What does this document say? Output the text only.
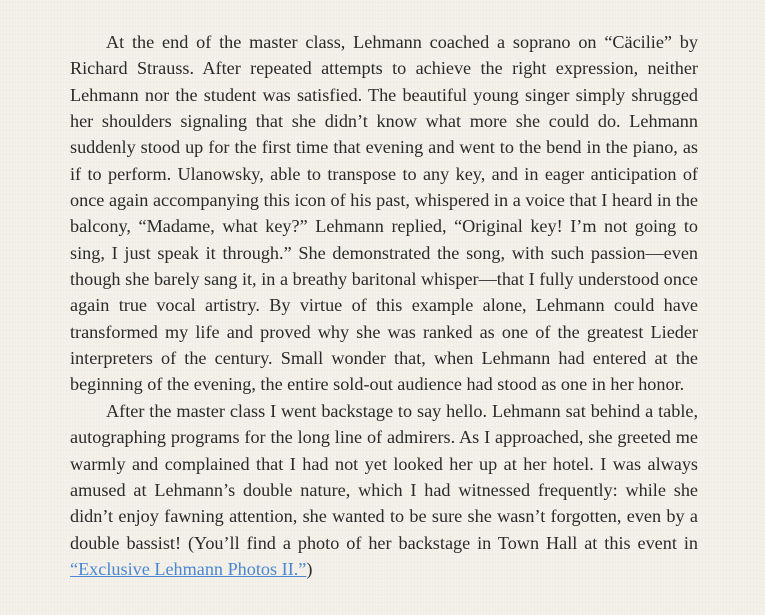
At the end of the master class, Lehmann coached a soprano on “Cäcilie” by Richard Strauss. After repeated attempts to achieve the right expression, neither Lehmann nor the student was satisfied. The beautiful young singer simply shrugged her shoulders signaling that she didn’t know what more she could do. Lehmann suddenly stood up for the first time that evening and went to the bend in the piano, as if to perform. Ulanowsky, able to transpose to any key, and in eager anticipation of once again accompanying this icon of his past, whispered in a voice that I heard in the balcony, “Madame, what key?” Lehmann replied, “Original key! I’m not going to sing, I just speak it through.” She demonstrated the song, with such passion—even though she barely sang it, in a breathy baritonal whisper—that I fully understood once again true vocal artistry. By virtue of this example alone, Lehmann could have transformed my life and proved why she was ranked as one of the greatest Lieder interpreters of the century. Small wonder that, when Lehmann had entered at the beginning of the evening, the entire sold-out audience had stood as one in her honor.

After the master class I went backstage to say hello. Lehmann sat behind a table, autographing programs for the long line of admirers. As I approached, she greeted me warmly and complained that I had not yet looked her up at her hotel. I was always amused at Lehmann’s double nature, which I had witnessed frequently: while she didn’t enjoy fawning attention, she wanted to be sure she wasn’t forgotten, even by a double bassist! (You’ll find a photo of her backstage in Town Hall at this event in “Exclusive Lehmann Photos II.”)
